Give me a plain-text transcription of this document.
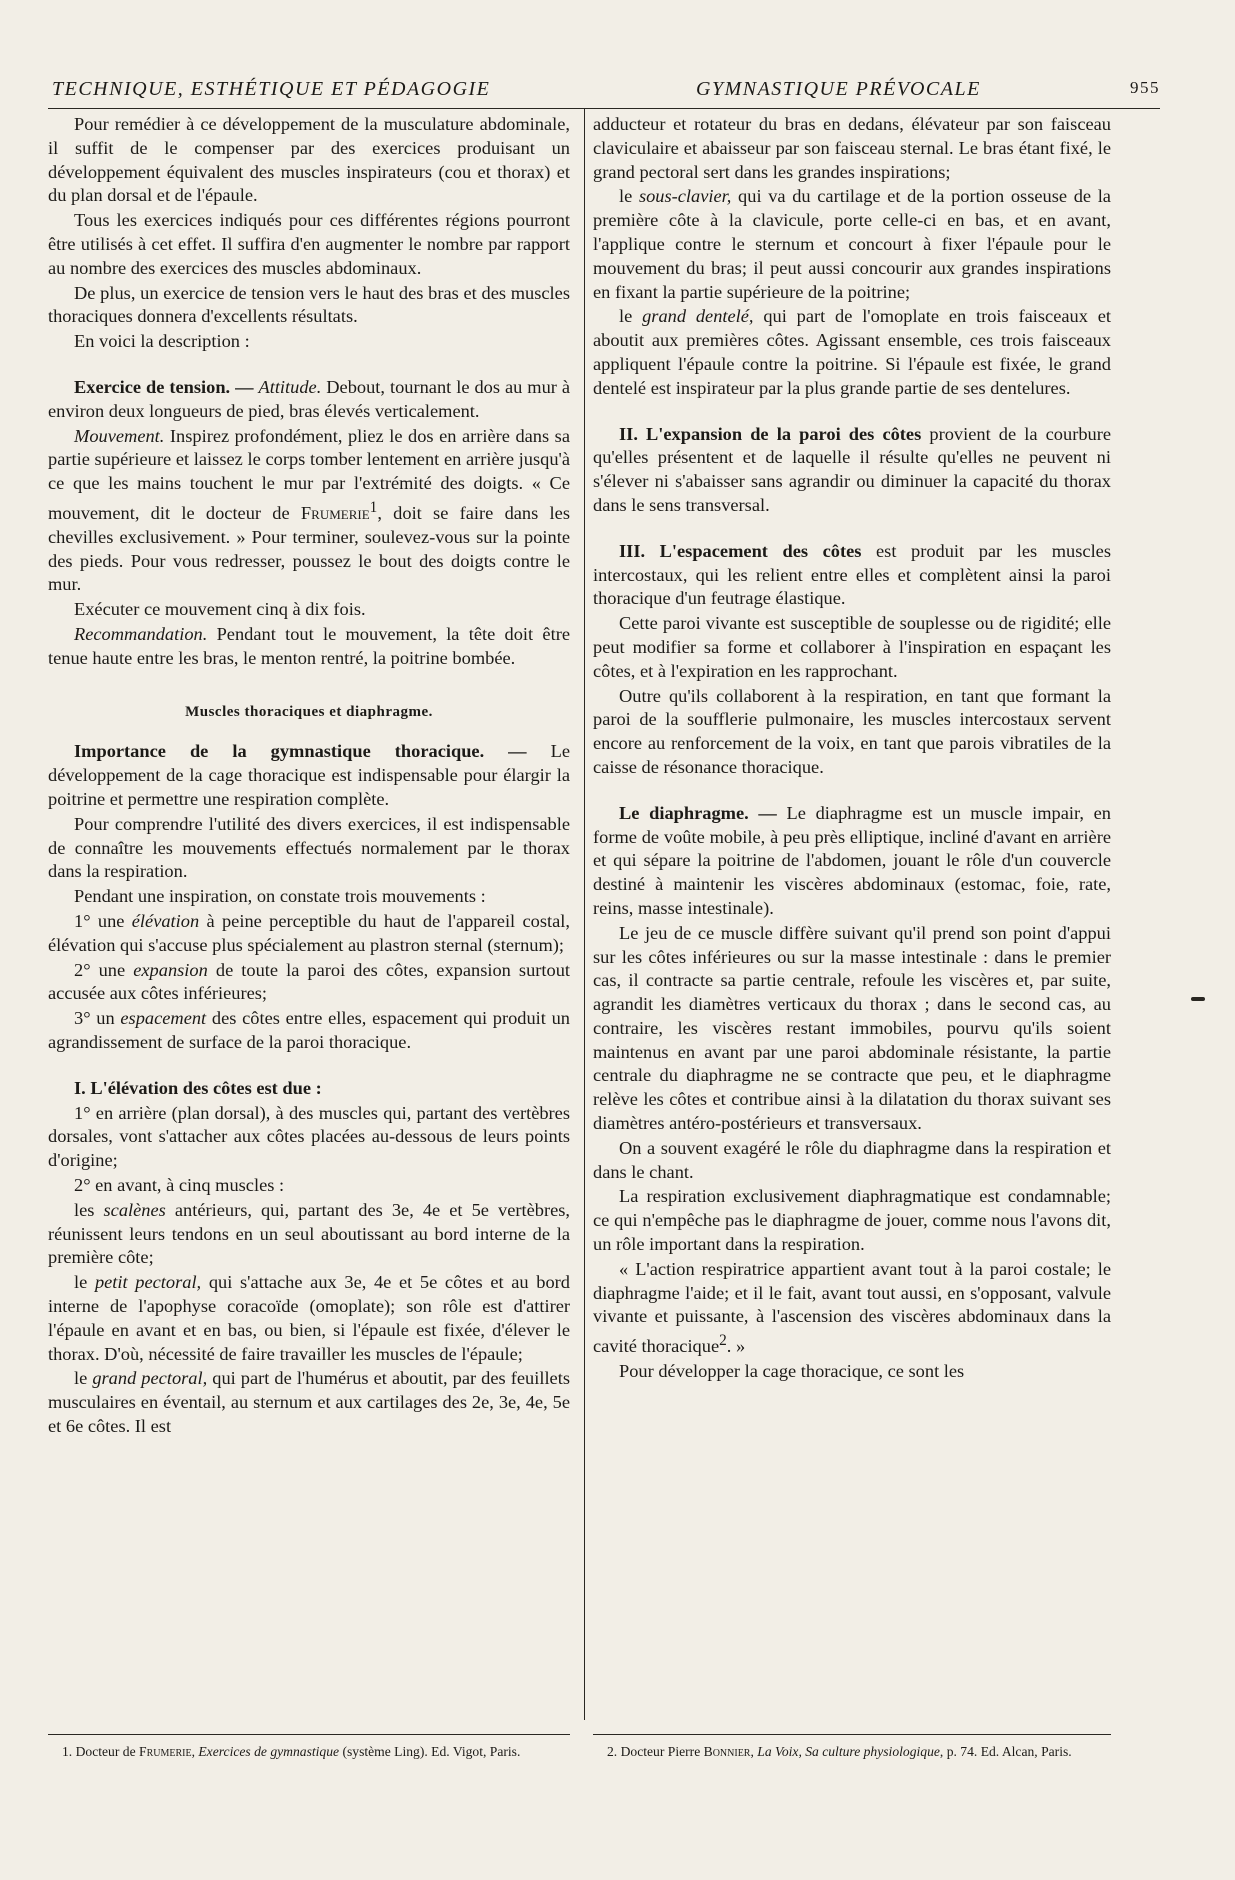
TECHNIQUE, ESTHÉTIQUE ET PÉDAGOGIE	GYMNASTIQUE PRÉVOCALE	955

Pour remédier à ce développement de la musculature abdominale, il suffit de le compenser par des exercices produisant un développement équivalent des muscles inspirateurs (cou et thorax) et du plan dorsal et de l'épaule.

Tous les exercices indiqués pour ces différentes régions pourront être utilisés à cet effet. Il suffira d'en augmenter le nombre par rapport au nombre des exercices des muscles abdominaux.

De plus, un exercice de tension vers le haut des bras et des muscles thoraciques donnera d'excellents résultats.

En voici la description :

Exercice de tension. — Attitude. Debout, tournant le dos au mur à environ deux longueurs de pied, bras élevés verticalement.

Mouvement. Inspirez profondément, pliez le dos en arrière dans sa partie supérieure et laissez le corps tomber lentement en arrière jusqu'à ce que les mains touchent le mur par l'extrémité des doigts. « Ce mouvement, dit le docteur de Frumerie$^1$, doit se faire dans les chevilles exclusivement. » Pour terminer, soulevez-vous sur la pointe des pieds. Pour vous redresser, poussez le bout des doigts contre le mur.

Exécuter ce mouvement cinq à dix fois.

Recommandation. Pendant tout le mouvement, la tête doit être tenue haute entre les bras, le menton rentré, la poitrine bombée.

Muscles thoraciques et diaphragme.

Importance de la gymnastique thoracique. — Le développement de la cage thoracique est indispensable pour élargir la poitrine et permettre une respiration complète.

Pour comprendre l'utilité des divers exercices, il est indispensable de connaître les mouvements effectués normalement par le thorax dans la respiration.

Pendant une inspiration, on constate trois mouvements :

1° une élévation à peine perceptible du haut de l'appareil costal, élévation qui s'accuse plus spécialement au plastron sternal (sternum);

2° une expansion de toute la paroi des côtes, expansion surtout accusée aux côtes inférieures;

3° un espacement des côtes entre elles, espacement qui produit un agrandissement de surface de la paroi thoracique.

I. L'élévation des côtes est due :

1° en arrière (plan dorsal), à des muscles qui, partant des vertèbres dorsales, vont s'attacher aux côtes placées au-dessous de leurs points d'origine;

2° en avant, à cinq muscles :

les scalènes antérieurs, qui, partant des 3e, 4e et 5e vertèbres, réunissent leurs tendons en un seul aboutissant au bord interne de la première côte;

le petit pectoral, qui s'attache aux 3e, 4e et 5e côtes et au bord interne de l'apophyse coracoïde (omoplate); son rôle est d'attirer l'épaule en avant et en bas, ou bien, si l'épaule est fixée, d'élever le thorax. D'où, nécessité de faire travailler les muscles de l'épaule;

le grand pectoral, qui part de l'humérus et aboutit, par des feuillets musculaires en éventail, au sternum et aux cartilages des 2e, 3e, 4e, 5e et 6e côtes. Il est

adducteur et rotateur du bras en dedans, élévateur par son faisceau claviculaire et abaisseur par son faisceau sternal. Le bras étant fixé, le grand pectoral sert dans les grandes inspirations;

le sous-clavier, qui va du cartilage et de la portion osseuse de la première côte à la clavicule, porte celle-ci en bas, et en avant, l'applique contre le sternum et concourt à fixer l'épaule pour le mouvement du bras; il peut aussi concourir aux grandes inspirations en fixant la partie supérieure de la poitrine;

le grand dentelé, qui part de l'omoplate en trois faisceaux et aboutit aux premières côtes. Agissant ensemble, ces trois faisceaux appliquent l'épaule contre la poitrine. Si l'épaule est fixée, le grand dentelé est inspirateur par la plus grande partie de ses dentelures.

II. L'expansion de la paroi des côtes provient de la courbure qu'elles présentent et de laquelle il résulte qu'elles ne peuvent ni s'élever ni s'abaisser sans agrandir ou diminuer la capacité du thorax dans le sens transversal.

III. L'espacement des côtes est produit par les muscles intercostaux, qui les relient entre elles et complètent ainsi la paroi thoracique d'un feutrage élastique.

Cette paroi vivante est susceptible de souplesse ou de rigidité; elle peut modifier sa forme et collaborer à l'inspiration en espaçant les côtes, et à l'expiration en les rapprochant.

Outre qu'ils collaborent à la respiration, en tant que formant la paroi de la soufflerie pulmonaire, les muscles intercostaux servent encore au renforcement de la voix, en tant que parois vibratiles de la caisse de résonance thoracique.

Le diaphragme. — Le diaphragme est un muscle impair, en forme de voûte mobile, à peu près elliptique, incliné d'avant en arrière et qui sépare la poitrine de l'abdomen, jouant le rôle d'un couvercle destiné à maintenir les viscères abdominaux (estomac, foie, rate, reins, masse intestinale).

Le jeu de ce muscle diffère suivant qu'il prend son point d'appui sur les côtes inférieures ou sur la masse intestinale : dans le premier cas, il contracte sa partie centrale, refoule les viscères et, par suite, agrandit les diamètres verticaux du thorax ; dans le second cas, au contraire, les viscères restant immobiles, pourvu qu'ils soient maintenus en avant par une paroi abdominale résistante, la partie centrale du diaphragme ne se contracte que peu, et le diaphragme relève les côtes et contribue ainsi à la dilatation du thorax suivant ses diamètres antéro-postérieurs et transversaux.

On a souvent exagéré le rôle du diaphragme dans la respiration et dans le chant.

La respiration exclusivement diaphragmatique est condamnable; ce qui n'empêche pas le diaphragme de jouer, comme nous l'avons dit, un rôle important dans la respiration.

« L'action respiratrice appartient avant tout à la paroi costale; le diaphragme l'aide; et il le fait, avant tout aussi, en s'opposant, valvule vivante et puissante, à l'ascension des viscères abdominaux dans la cavité thoracique$^2$. »

Pour développer la cage thoracique, ce sont les

1. Docteur de Frumerie, Exercices de gymnastique (système Ling). Ed. Vigot, Paris.	2. Docteur Pierre Bonnier, La Voix, Sa culture physiologique, p. 74. Ed. Alcan, Paris.
